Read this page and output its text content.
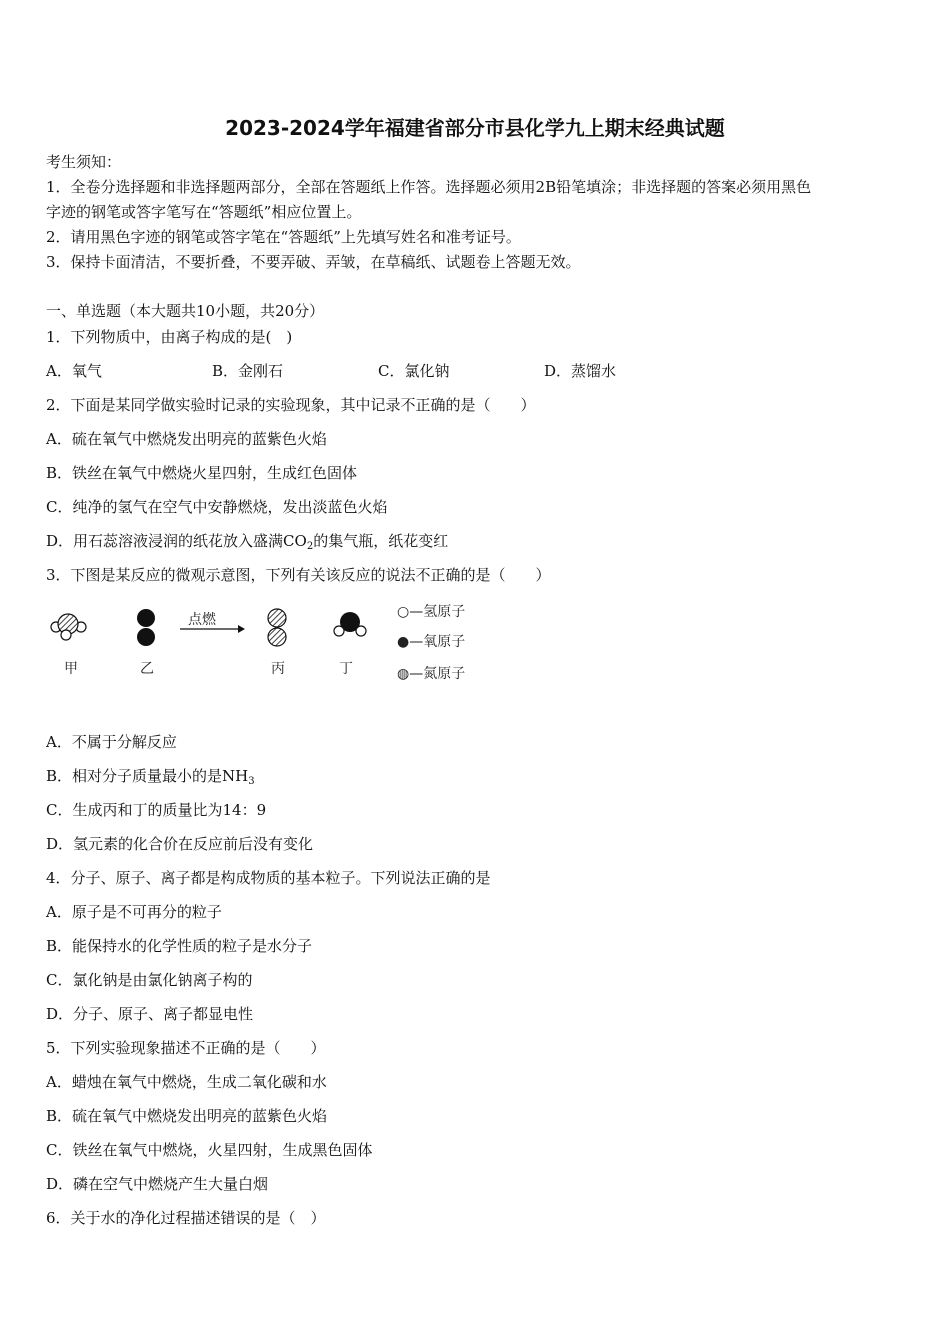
2023-2024学年福建省部分市县化学九上期末经典试题
考生须知：
1．全卷分选择题和非选择题两部分，全部在答题纸上作答。选择题必须用2B铅笔填涂；非选择题的答案必须用黑色
字迹的钢笔或答字笔写在“答题纸”相应位置上。
2．请用黑色字迹的钢笔或答字笔在“答题纸”上先填写姓名和准考证号。
3．保持卡面清洁，不要折叠，不要弄破、弄皱，在草稿纸、试题卷上答题无效。
一、单选题（本大题共10小题，共20分）
1．下列物质中，由离子构成的是(　)
A．氧气	B．金刚石	C．氯化钠	D．蒸馏水
2．下面是某同学做实验时记录的实验现象，其中记录不正确的是（　　）
A．硫在氧气中燃烧发出明亮的蓝紫色火焰
B．铁丝在氧气中燃烧火星四射，生成红色固体
C．纯净的氢气在空气中安静燃烧，发出淡蓝色火焰
D．用石蕊溶液浸润的纸花放入盛满$CO_2$的集气瓶，纸花变红
3．下图是某反应的微观示意图，下列有关该反应的说法不正确的是（　　）
点燃
甲	乙	丙	丁
○—氢原子
●—氧原子
◍—氮原子
A．不属于分解反应
B．相对分子质量最小的是$NH_3$
C．生成丙和丁的质量比为14：9
D．氢元素的化合价在反应前后没有变化
4．分子、原子、离子都是构成物质的基本粒子。下列说法正确的是
A．原子是不可再分的粒子
B．能保持水的化学性质的粒子是水分子
C．氯化钠是由氯化钠离子构的
D．分子、原子、离子都显电性
5．下列实验现象描述不正确的是（　　）
A．蜡烛在氧气中燃烧，生成二氧化碳和水
B．硫在氧气中燃烧发出明亮的蓝紫色火焰
C．铁丝在氧气中燃烧，火星四射，生成黑色固体
D．磷在空气中燃烧产生大量白烟
6．关于水的净化过程描述错误的是（　）
